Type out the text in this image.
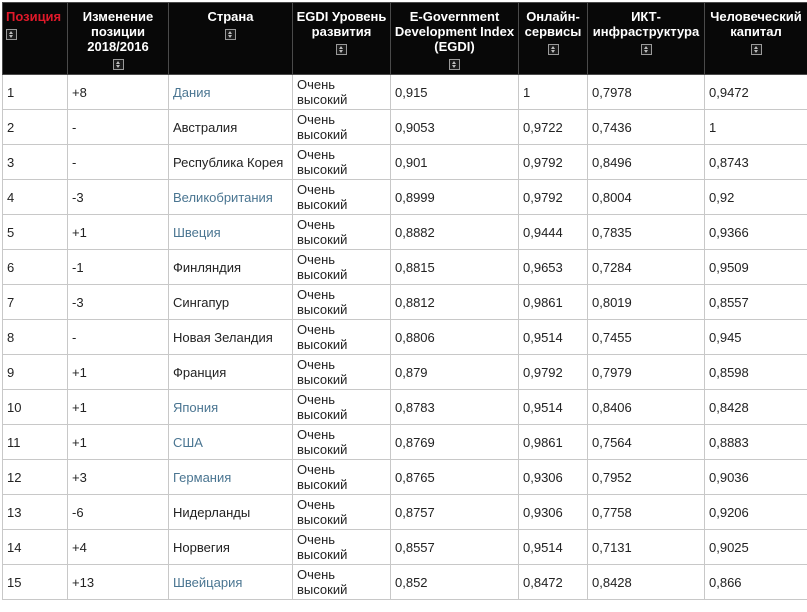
Позиция	Изменение позиции 2018/2016	Страна	EGDI Уровень развития	E-Government Development Index (EGDI)	Онлайн-сервисы	ИКТ-инфраструктура	Человеческий капитал

1	+8	Дания	Очень высокий	0,915	1	0,7978	0,9472
2	-	Австралия	Очень высокий	0,9053	0,9722	0,7436	1
3	-	Республика Корея	Очень высокий	0,901	0,9792	0,8496	0,8743
4	-3	Великобритания	Очень высокий	0,8999	0,9792	0,8004	0,92
5	+1	Швеция	Очень высокий	0,8882	0,9444	0,7835	0,9366
6	-1	Финляндия	Очень высокий	0,8815	0,9653	0,7284	0,9509
7	-3	Сингапур	Очень высокий	0,8812	0,9861	0,8019	0,8557
8	-	Новая Зеландия	Очень высокий	0,8806	0,9514	0,7455	0,945
9	+1	Франция	Очень высокий	0,879	0,9792	0,7979	0,8598
10	+1	Япония	Очень высокий	0,8783	0,9514	0,8406	0,8428
11	+1	США	Очень высокий	0,8769	0,9861	0,7564	0,8883
12	+3	Германия	Очень высокий	0,8765	0,9306	0,7952	0,9036
13	-6	Нидерланды	Очень высокий	0,8757	0,9306	0,7758	0,9206
14	+4	Норвегия	Очень высокий	0,8557	0,9514	0,7131	0,9025
15	+13	Швейцария	Очень высокий	0,852	0,8472	0,8428	0,866
